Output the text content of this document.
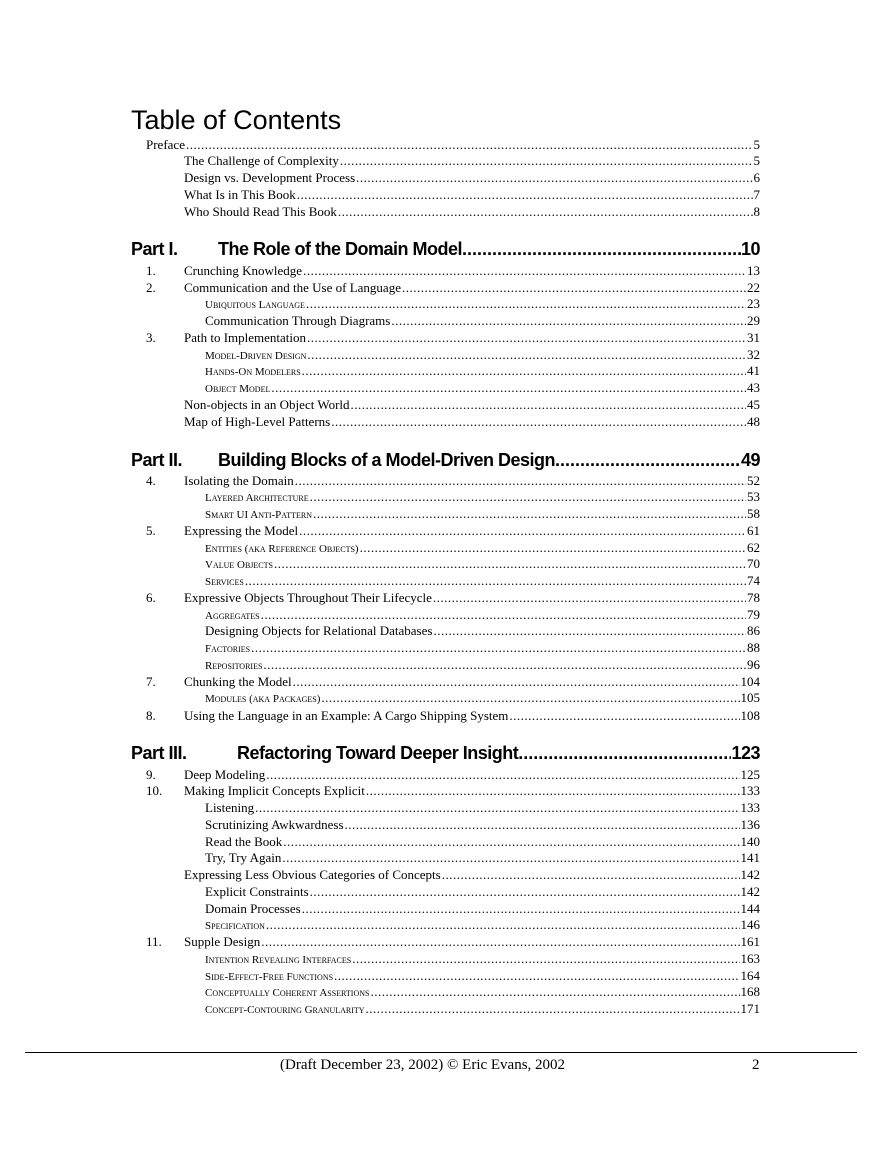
Table of Contents
Preface .....	5
The Challenge of Complexity .....	5
Design vs. Development Process .....	6
What Is in This Book .....	7
Who Should Read This Book .....	8
Part I. The Role of the Domain Model .....	10
1. Crunching Knowledge .....	13
2. Communication and the Use of Language .....	22
Ubiquitous Language .....	23
Communication Through Diagrams .....	29
3. Path to Implementation .....	31
Model-Driven Design .....	32
Hands-On Modelers .....	41
Object Model .....	43
Non-objects in an Object World .....	45
Map of High-Level Patterns .....	48
Part II. Building Blocks of a Model-Driven Design .....	49
4. Isolating the Domain .....	52
Layered Architecture .....	53
Smart UI Anti-Pattern .....	58
5. Expressing the Model .....	61
Entities (aka Reference Objects) .....	62
Value Objects .....	70
Services .....	74
6. Expressive Objects Throughout Their Lifecycle .....	78
Aggregates .....	79
Designing Objects for Relational Databases .....	86
Factories .....	88
Repositories .....	96
7. Chunking the Model .....	104
Modules (aka Packages) .....	105
8. Using the Language in an Example: A Cargo Shipping System .....	108
Part III.	Refactoring Toward Deeper Insight .....	123
9. Deep Modeling .....	125
10. Making Implicit Concepts Explicit .....	133
Listening .....	133
Scrutinizing Awkwardness .....	136
Read the Book .....	140
Try, Try Again .....	141
Expressing Less Obvious Categories of Concepts .....	142
Explicit Constraints .....	142
Domain Processes .....	144
Specification .....	146
11. Supple Design .....	161
Intention Revealing Interfaces .....	163
Side-Effect-Free Functions .....	164
Conceptually Coherent Assertions .....	168
Concept-Contouring Granularity .....	171
(Draft December 23, 2002) © Eric Evans, 2002	2
